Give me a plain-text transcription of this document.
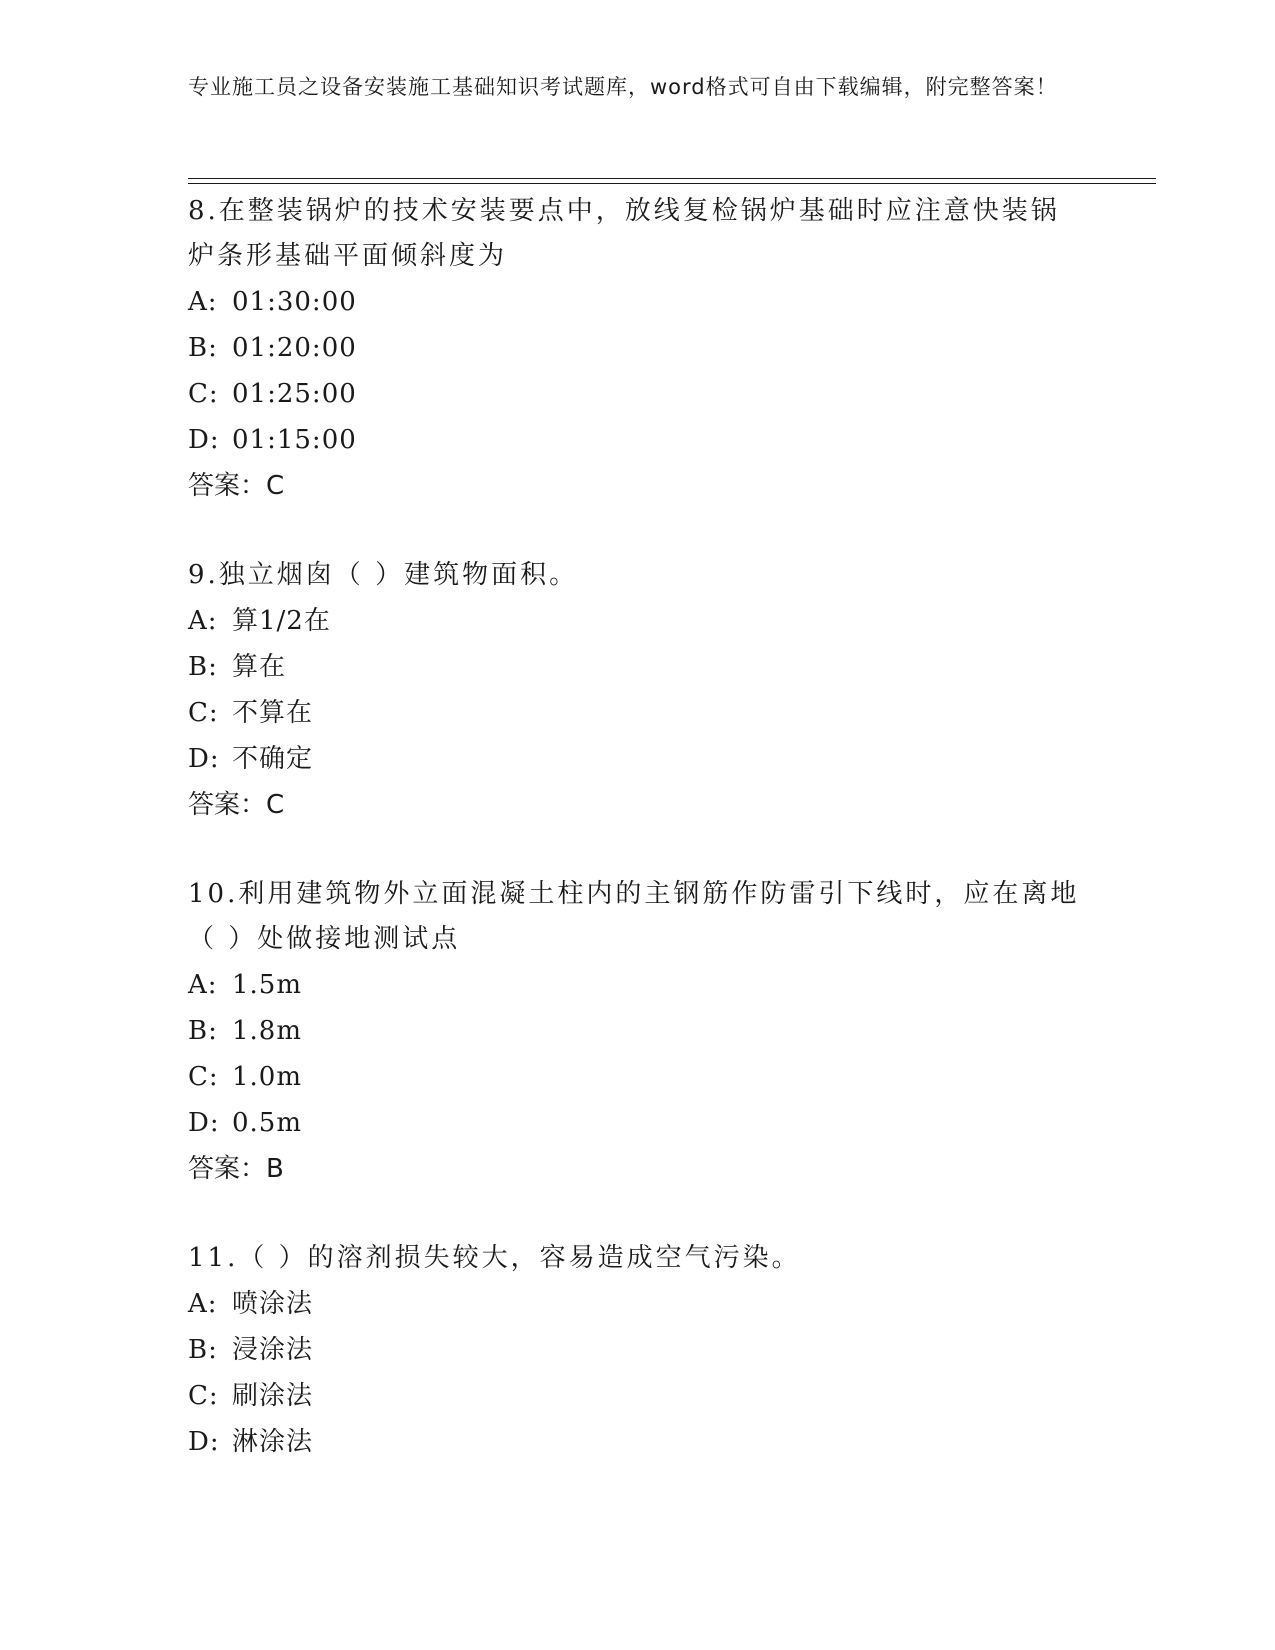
专业施工员之设备安装施工基础知识考试题库，word格式可自由下载编辑，附完整答案！

8.在整装锅炉的技术安装要点中，放线复检锅炉基础时应注意快装锅炉条形基础平面倾斜度为

A: 01:30:00

B: 01:20:00

C: 01:25:00

D: 01:15:00

答案：C

9.独立烟囱（ ）建筑物面积。

A: 算1/2在

B: 算在

C: 不算在

D: 不确定

答案：C

10.利用建筑物外立面混凝土柱内的主钢筋作防雷引下线时，应在离地（ ）处做接地测试点

A: 1.5m

B: 1.8m

C: 1.0m

D: 0.5m

答案：B

11.（ ）的溶剂损失较大，容易造成空气污染。

A: 喷涂法

B: 浸涂法

C: 刷涂法

D: 淋涂法
